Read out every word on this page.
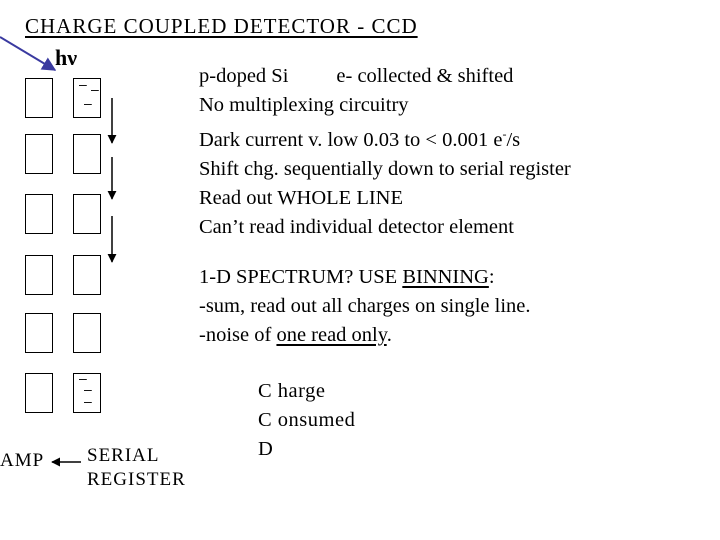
CHARGE COUPLED DETECTOR - CCD
hν
p-doped Si e- collected & shifted
No multiplexing circuitry
Dark current v. low 0.03 to < 0.001 e-/s
Shift chg. sequentially down to serial register
Read out WHOLE LINE
Can’t read individual detector element
1-D SPECTRUM? USE BINNING:
-sum, read out all charges on single line.
-noise of one read only.
C harge
C onsumed
D
AMP SERIAL
REGISTER
– –
–
–
–
–
